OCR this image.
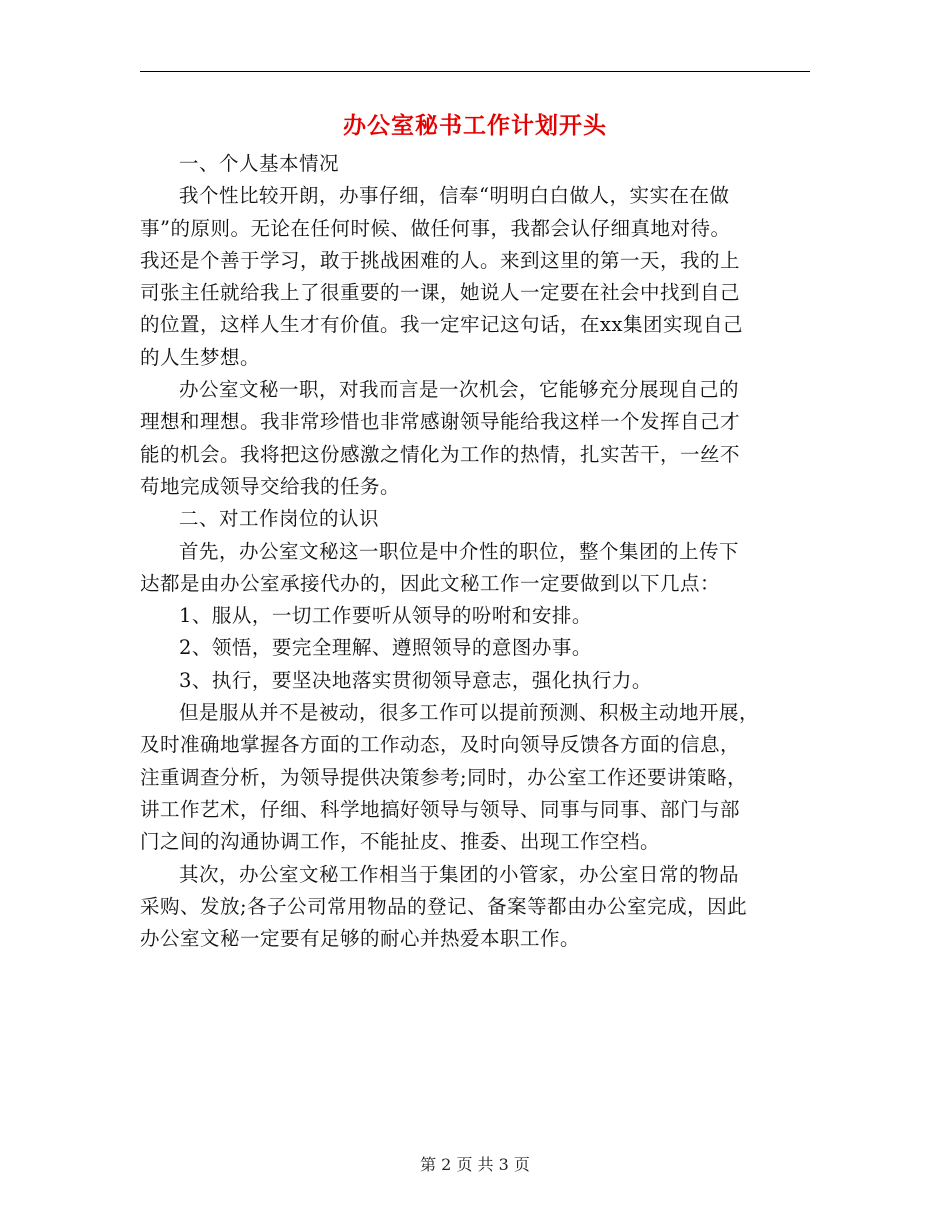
办公室秘书工作计划开头
一、个人基本情况
我个性比较开朗，办事仔细，信奉“明明白白做人，实实在在做
事”的原则。无论在任何时候、做任何事，我都会认仔细真地对待。
我还是个善于学习，敢于挑战困难的人。来到这里的第一天，我的上
司张主任就给我上了很重要的一课，她说人一定要在社会中找到自己
的位置，这样人生才有价值。我一定牢记这句话，在xx集团实现自己
的人生梦想。
办公室文秘一职，对我而言是一次机会，它能够充分展现自己的
理想和理想。我非常珍惜也非常感谢领导能给我这样一个发挥自己才
能的机会。我将把这份感激之情化为工作的热情，扎实苦干，一丝不
苟地完成领导交给我的任务。
二、对工作岗位的认识
首先，办公室文秘这一职位是中介性的职位，整个集团的上传下
达都是由办公室承接代办的，因此文秘工作一定要做到以下几点：
1、服从，一切工作要听从领导的吩咐和安排。
2、领悟，要完全理解、遵照领导的意图办事。
3、执行，要坚决地落实贯彻领导意志，强化执行力。
但是服从并不是被动，很多工作可以提前预测、积极主动地开展，
及时准确地掌握各方面的工作动态，及时向领导反馈各方面的信息，
注重调查分析，为领导提供决策参考;同时，办公室工作还要讲策略，
讲工作艺术，仔细、科学地搞好领导与领导、同事与同事、部门与部
门之间的沟通协调工作，不能扯皮、推委、出现工作空档。
其次，办公室文秘工作相当于集团的小管家，办公室日常的物品
采购、发放;各子公司常用物品的登记、备案等都由办公室完成，因此
办公室文秘一定要有足够的耐心并热爱本职工作。
第 2 页 共 3 页
